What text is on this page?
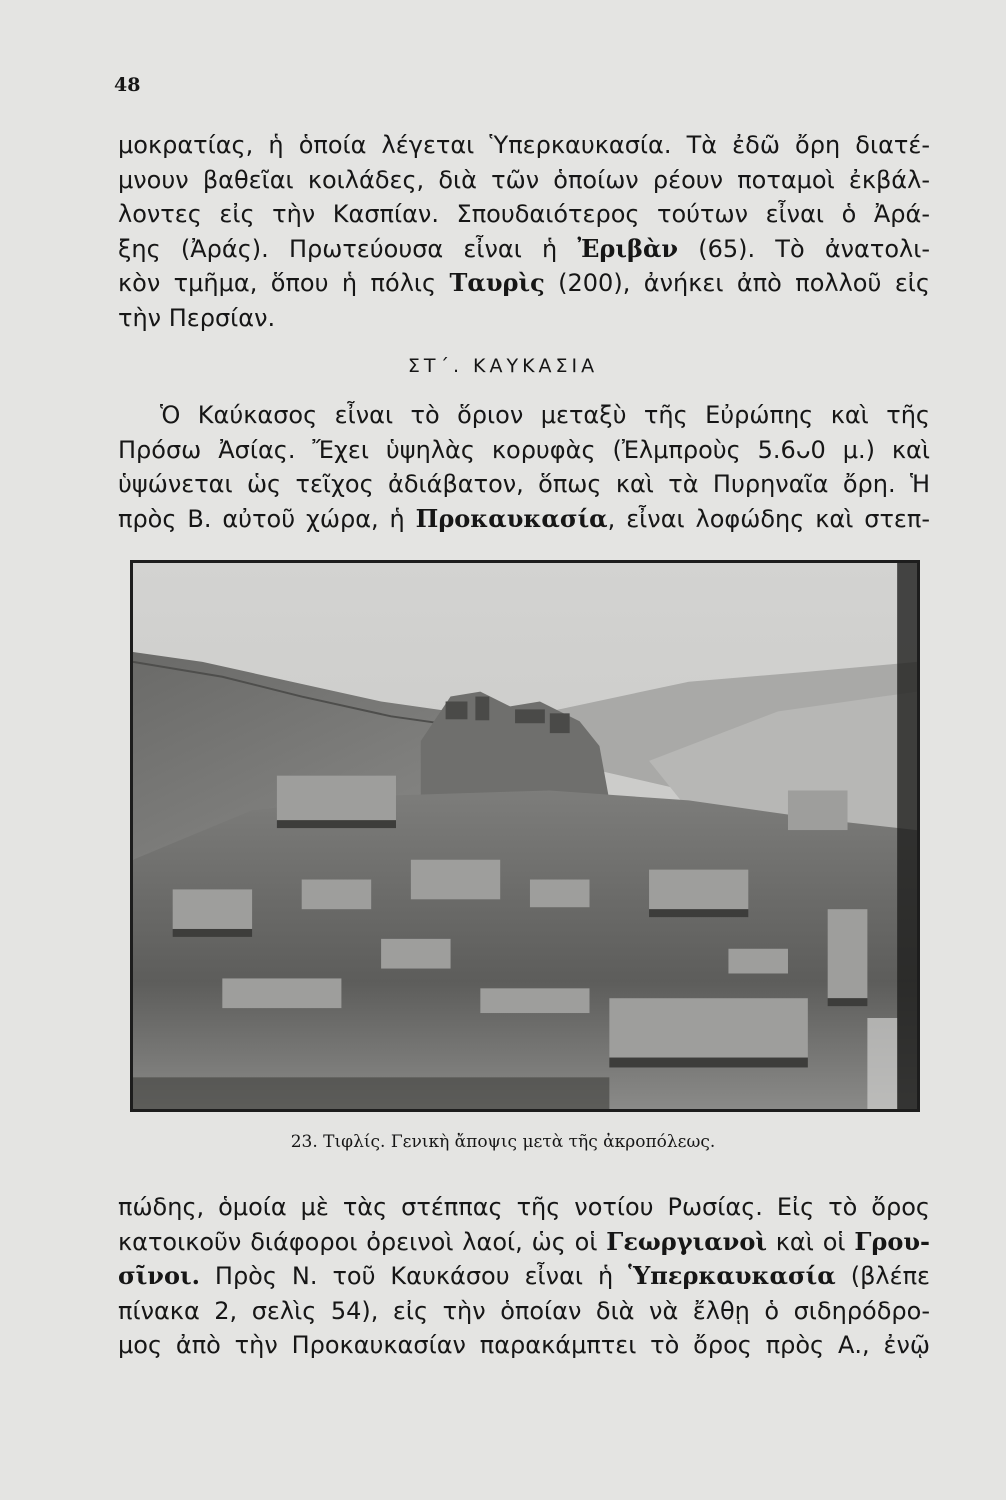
48
μοκρατίας, ἡ ὁποία λέγεται Ὑπερκαυκασία. Τὰ ἐδῶ ὄρη διατέ-
μνουν βαθεῖαι κοιλάδες, διὰ τῶν ὁποίων ρέουν ποταμοὶ ἐκβάλ-
λοντες εἰς τὴν Κασπίαν. Σπουδαιότερος τούτων εἶναι ὁ Ἀρά-
ξης (Ἀράς). Πρωτεύουσα εἶναι ἡ Ἐριβὰν (65). Τὸ ἀνατολι-
κὸν τμῆμα, ὅπου ἡ πόλις Ταυρὶς (200), ἀνήκει ἀπὸ πολλοῦ εἰς
τὴν Περσίαν.
ΣΤ΄. ΚΑΥΚΑΣΙΑ
Ὁ Καύκασος εἶναι τὸ ὅριον μεταξὺ τῆς Εὐρώπης καὶ τῆς
Πρόσω Ἀσίας. Ἔχει ὑψηλὰς κορυφὰς (Ἐλμπροὺς 5.6ᴗ0 μ.) καὶ
ὑψώνεται ὡς τεῖχος ἀδιάβατον, ὅπως καὶ τὰ Πυρηναῖα ὄρη. Ἡ
πρὸς Β. αὐτοῦ χώρα, ἡ Προκαυκασία, εἶναι λοφώδης καὶ στεπ-
23. Τιφλίς. Γενικὴ ἄποψις μετὰ τῆς ἀκροπόλεως.
πώδης, ὁμοία μὲ τὰς στέππας τῆς νοτίου Ρωσίας. Εἰς τὸ ὄρος
κατοικοῦν διάφοροι ὀρεινοὶ λαοί, ὡς οἱ Γεωργιανοὶ καὶ οἱ Γρου-
σῖνοι. Πρὸς Ν. τοῦ Καυκάσου εἶναι ἡ Ὑπερκαυκασία (βλέπε
πίνακα 2, σελὶς 54), εἰς τὴν ὁποίαν διὰ νὰ ἔλθῃ ὁ σιδηρόδρο-
μος ἀπὸ τὴν Προκαυκασίαν παρακάμπτει τὸ ὄρος πρὸς Α., ἐνῷ
